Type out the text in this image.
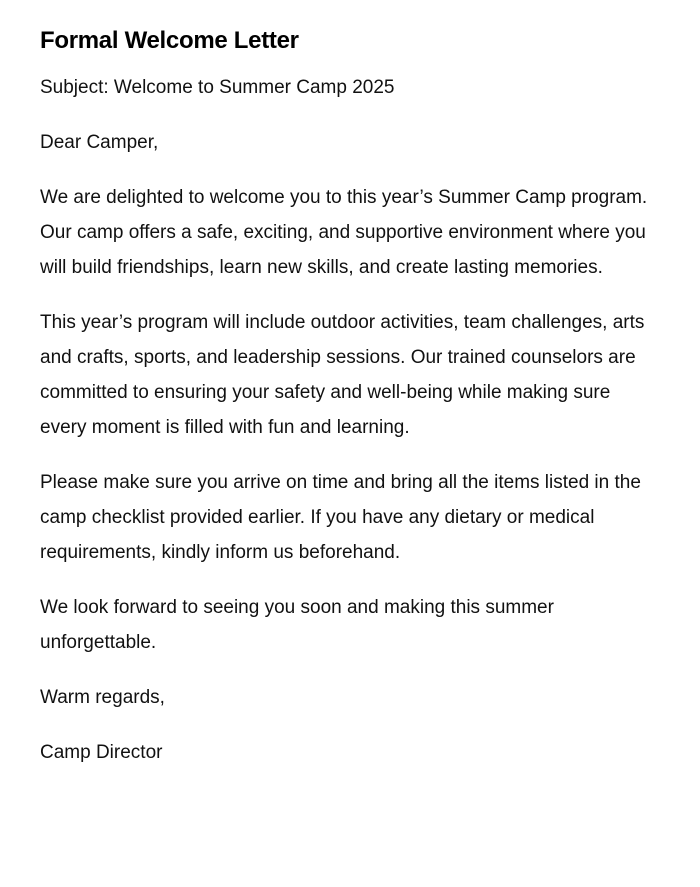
Formal Welcome Letter

Subject: Welcome to Summer Camp 2025

Dear Camper,

We are delighted to welcome you to this year’s Summer Camp program. Our camp offers a safe, exciting, and supportive environment where you will build friendships, learn new skills, and create lasting memories.

This year’s program will include outdoor activities, team challenges, arts and crafts, sports, and leadership sessions. Our trained counselors are committed to ensuring your safety and well-being while making sure every moment is filled with fun and learning.

Please make sure you arrive on time and bring all the items listed in the camp checklist provided earlier. If you have any dietary or medical requirements, kindly inform us beforehand.

We look forward to seeing you soon and making this summer unforgettable.

Warm regards,

Camp Director
